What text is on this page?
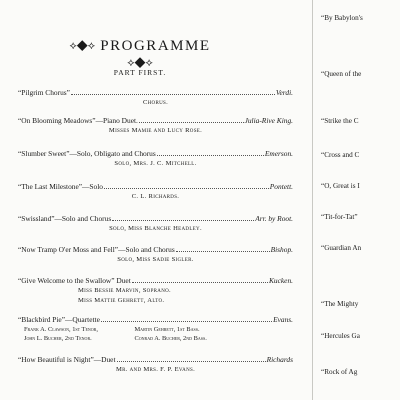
⟡◆⟡ PROGRAMME ⟡◆⟡
PART FIRST.
“Pilgrim Chorus”	Verdi.
Chorus.
“On Blooming Meadows”—Piano Duet.	Julia-Rive King.
Misses Mamie and Lucy Rose.
“Slumber Sweet”—Solo, Obligato and Chorus	Emerson.
Solo, Mrs. J. C. Mitchell.
“The Last Milestone”—Solo	Pontett.
C. L. Richards.
“Swissland”—Solo and Chorus	Arr. by Root.
Solo, Miss Blanche Headley.
“Now Tramp O'er Moss and Fell”—Solo and Chorus	Bishop.
Solo, Miss Sadie Sigler.
“Give Welcome to the Swallow” Duet	Kucken.
Miss Bessie Marvin, Soprano.
Miss Mattie Gehrett, Alto.
“Blackbird Pie”—Quartette	Evans.
Frank A. Clawson, 1st Tenor,	Martin Gehrett, 1st Bass.
John L. Bucher, 2nd Tenor.	Conrad A. Bucher, 2nd Bass.
“How Beautiful is Night”—Duet	Richards
Mr. and Mrs. F. P. Evans.
“By Babylon's
“Queen of the
“Strike the C
“Cross and C
“O, Great is I
“Tit-for-Tat”
“Guardian An
“The Mighty
“Hercules Ga
“Rock of Ag
